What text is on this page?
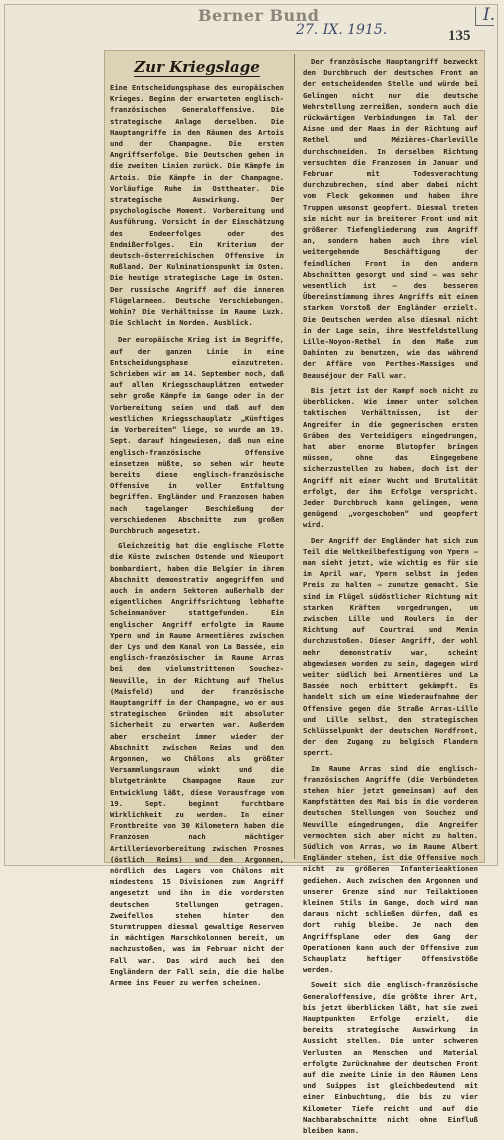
Berner Bund
27. IX. 1915.
I.
135
Zur Kriegslage
Eine Entscheidungsphase des europäischen Krieges. Beginn der erwarteten englisch-französischen Generaloffensive. Die strategische Anlage derselben. Die Hauptangriffe in den Räumen des Artois und der Champagne. Die ersten Angriffserfolge. Die Deutschen gehen in die zweiten Linien zurück. Die Kämpfe im Artois. Die Kämpfe in der Champagne. Vorläufige Ruhe im Osttheater. Die strategische Auswirkung. Der psychologische Moment. Vorbereitung und Ausführung. Vorsicht in der Einschätzung des Endeerfolges oder des Endmißerfolges. Ein Kriterium der deutsch-österreichischen Offensive in Rußland. Der Kulminationspunkt im Osten. Die heutige strategische Lage im Osten. Der russische Angriff auf die inneren Flügelarmeen. Deutsche Verschiebungen. Wohin? Die Verhältnisse im Raume Luzk. Die Schlacht im Norden. Ausblick.
Der europäische Krieg ist im Begriffe, auf der ganzen Linie in eine Entscheidungsphase einzutreten. Schrieben wir am 14. September noch, daß auf allen Kriegsschauplätzen entweder sehr große Kämpfe im Gange oder in der Vorbereitung seien und daß auf dem westlichen Kriegsschauplatz „Künftiges im Vorbereiten“ liege, so wurde am 19. Sept. darauf hingewiesen, daß nun eine englisch-französische Offensive einsetzen müßte, so sehen wir heute bereits diese englisch-französische Offensive in voller Entfaltung begriffen. Engländer und Franzosen haben nach tagelanger Beschießung der verschiedenen Abschnitte zum großen Durchbruch angesetzt.
Gleichzeitig hat die englische Flotte die Küste zwischen Ostende und Nieuport bombardiert, haben die Belgier in ihrem Abschnitt demonstrativ angegriffen und auch in andern Sektoren außerhalb der eigentlichen Angriffsrichtung lebhafte Scheinmanöver stattgefunden. Ein englischer Angriff erfolgte im Raume Ypern und im Raume Armentières zwischen der Lys und dem Kanal von La Bassée, ein englisch-französischer im Raume Arras bei dem vielumstrittenen Souchez-Neuville, in der Richtung auf Thelus (Maisfeld) und der französische Hauptangriff in der Champagne, wo er aus strategischen Gründen mit absoluter Sicherheit zu erwarten war. Außerdem aber erscheint immer wieder der Abschnitt zwischen Reims und den Argonnen, wo Châlons als größter Versammlungsraum winkt und die blutgetränkte Champagne Raum zur Entwicklung läßt, diese Vorausfrage vom 19. Sept. beginnt furchtbare Wirklichkeit zu werden. In einer Frontbreite von 30 Kilometern haben die Franzosen nach mächtiger Artillerievorbereitung zwischen Prosnes (östlich Reims) und den Argonnen, nördlich des Lagers von Châlons mit mindestens 15 Divisionen zum Angriff angesetzt und ihn in die vordersten deutschen Stellungen getragen. Zweifellos stehen hinter den Sturmtruppen diesmal gewaltige Reserven in mächtigen Marschkolonnen bereit, um nachzustoßen, was im Februar nicht der Fall war. Das wird auch bei den Engländern der Fall sein, die die halbe Armee ins Feuer zu werfen scheinen.
Der französische Hauptangriff bezweckt den Durchbruch der deutschen Front an der entscheidenden Stelle und würde bei Gelingen nicht nur die deutsche Wehrstellung zerreißen, sondern auch die rückwärtigen Verbindungen im Tal der Aisne und der Maas in der Richtung auf Rethel und Mézières-Charleville durchschneiden. In derselben Richtung versuchten die Franzosen im Januar und Februar mit Todesverachtung durchzubrechen, sind aber dabei nicht vom Fleck gekommen und haben ihre Truppen umsonst geopfert. Diesmal treten sie nicht nur in breiterer Front und mit größerer Tiefengliederung zum Angriff an, sondern haben auch ihre viel weitergehende Beschäftigung der feindlichen Front in den andern Abschnitten gesorgt und sind — was sehr wesentlich ist — des besseren Übereinstimmung ihres Angriffs mit einem starken Vorstoß der Engländer erzielt. Die Deutschen werden also diesmal nicht in der Lage sein, ihre Westfeldstellung Lille-Noyon-Rethel in dem Maße zum Dahinten zu benutzen, wie das während der Affäre von Perthes-Massiges und Beauséjour der Fall war.
Bis jetzt ist der Kampf noch nicht zu überblicken. Wie immer unter solchen taktischen Verhältnissen, ist der Angreifer in die gegnerischen ersten Gräben des Verteidigers eingedrungen, hat aber enorme Blutopfer bringen müssen, ohne das Eingegebene sicherzustellen zu haben, doch ist der Angriff mit einer Wucht und Brutalität erfolgt, der ihm Erfolge verspricht. Jeder Durchbruch kann gelingen, wenn genügend „vorgeschoben“ und geopfert wird.
Der Angriff der Engländer hat sich zum Teil die Weltkeilbefestigung von Ypern — man sieht jetzt, wie wichtig es für sie im April war, Ypern selbst im jeden Preis zu halten — zunutze gemacht. Sie sind im Flügel südöstlicher Richtung mit starken Kräften vorgedrungen, um zwischen Lille und Roulers in der Richtung auf Courtrai und Menin durchzustoßen. Dieser Angriff, der wohl mehr demonstrativ war, scheint abgewiesen worden zu sein, dagegen wird weiter südlich bei Armentières und La Bassée noch erbittert gekämpft. Es handelt sich um eine Wiederaufnahme der Offensive gegen die Straße Arras-Lille und Lille selbst, den strategischen Schlüsselpunkt der deutschen Nordfront, der den Zugang zu belgisch Flandern sperrt.
Im Raume Arras sind die englisch-französischen Angriffe (die Verbündeten stehen hier jetzt gemeinsam) auf den Kampfstätten des Mai bis in die vorderen deutschen Stellungen von Souchez und Neuville eingedrungen, die Angreifer vermochten sich aber nicht zu halten. Südlich von Arras, wo im Raume Albert Engländer stehen, ist die Offensive noch nicht zu größeren Infanterieaktionen gediehen. Auch zwischen den Argonnen und unserer Grenze sind nur Teilaktionen kleinen Stils im Gange, doch wird man daraus nicht schließen dürfen, daß es dort ruhig bleibe. Je nach dem Angriffsplane oder dem Gang der Operationen kann auch der Offensive zum Schauplatz heftiger Offensivstöße werden.
Soweit sich die englisch-französische Generaloffensive, die größte ihrer Art, bis jetzt überblicken läßt, hat sie zwei Hauptpunkten Erfolge erzielt, die bereits strategische Auswirkung in Aussicht stellen. Die unter schweren Verlusten an Menschen und Material erfolgte Zurücknahme der deutschen Front auf die zweite Linie in den Räumen Lens und Suippes ist gleichbedeutend mit einer Einbuchtung, die bis zu vier Kilometer Tiefe reicht und auf die Nachbarabschnitte nicht ohne Einfluß bleiben kann.
